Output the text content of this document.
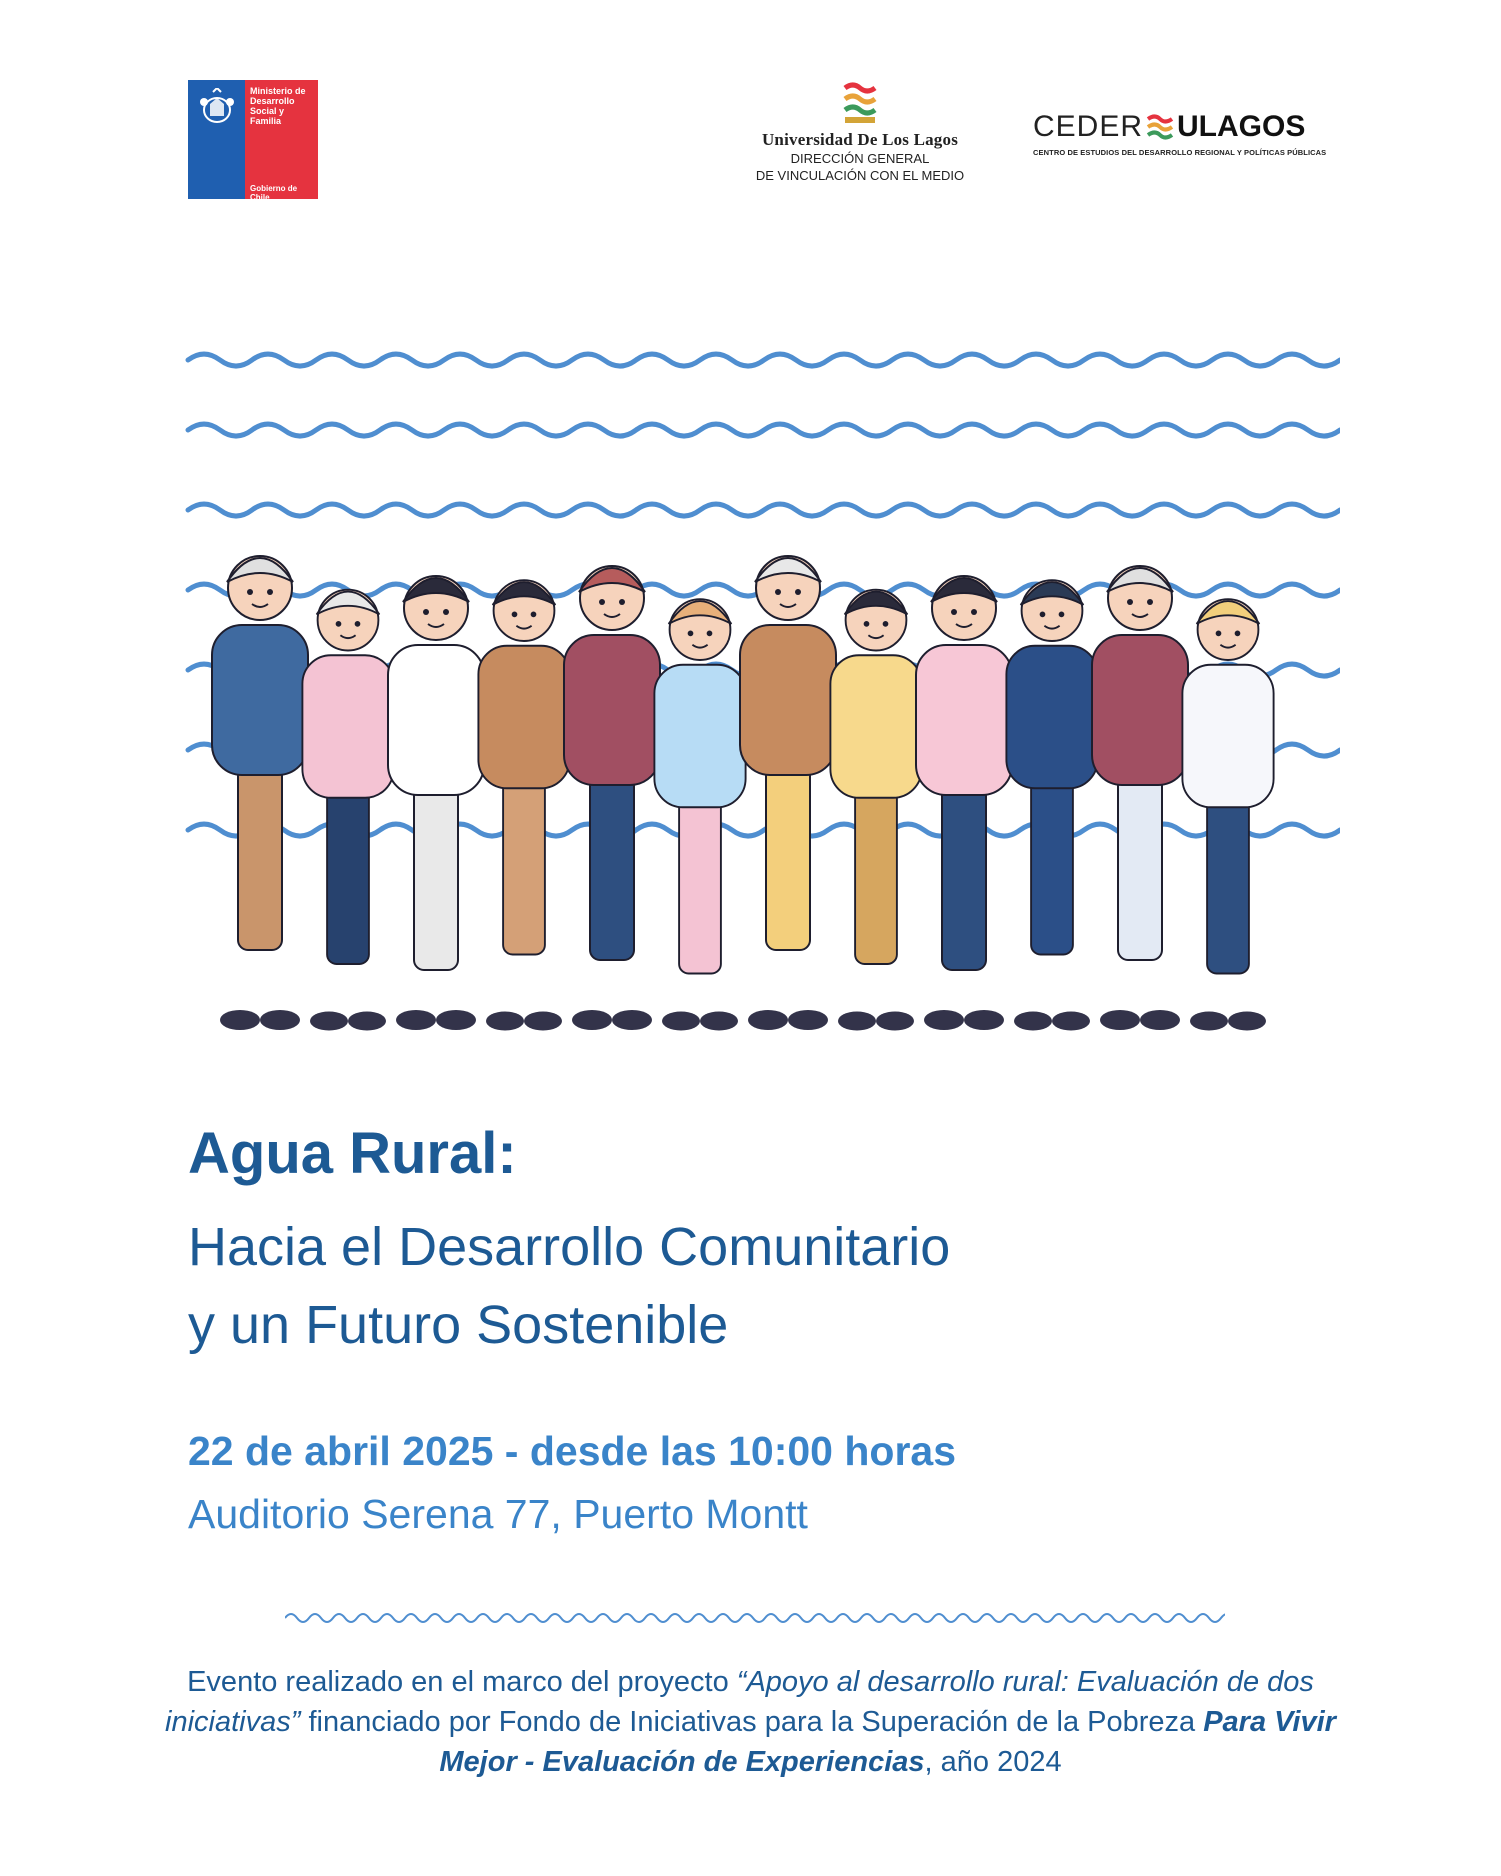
Ministerio de
Desarrollo
Social y
Familia
Gobierno de Chile
Universidad De Los Lagos
DIRECCIÓN GENERAL
DE VINCULACIÓN CON EL MEDIO
CEDER ULAGOS
CENTRO DE ESTUDIOS DEL DESARROLLO REGIONAL Y POLÍTICAS PÚBLICAS
Agua Rural:
Hacia el Desarrollo Comunitario
y un Futuro Sostenible
22 de abril 2025 - desde las 10:00 horas
Auditorio Serena 77, Puerto Montt
Evento realizado en el marco del proyecto “Apoyo al desarrollo rural: Evaluación de dos iniciativas” financiado por Fondo de Iniciativas para la Superación de la Pobreza Para Vivir Mejor - Evaluación de Experiencias, año 2024
